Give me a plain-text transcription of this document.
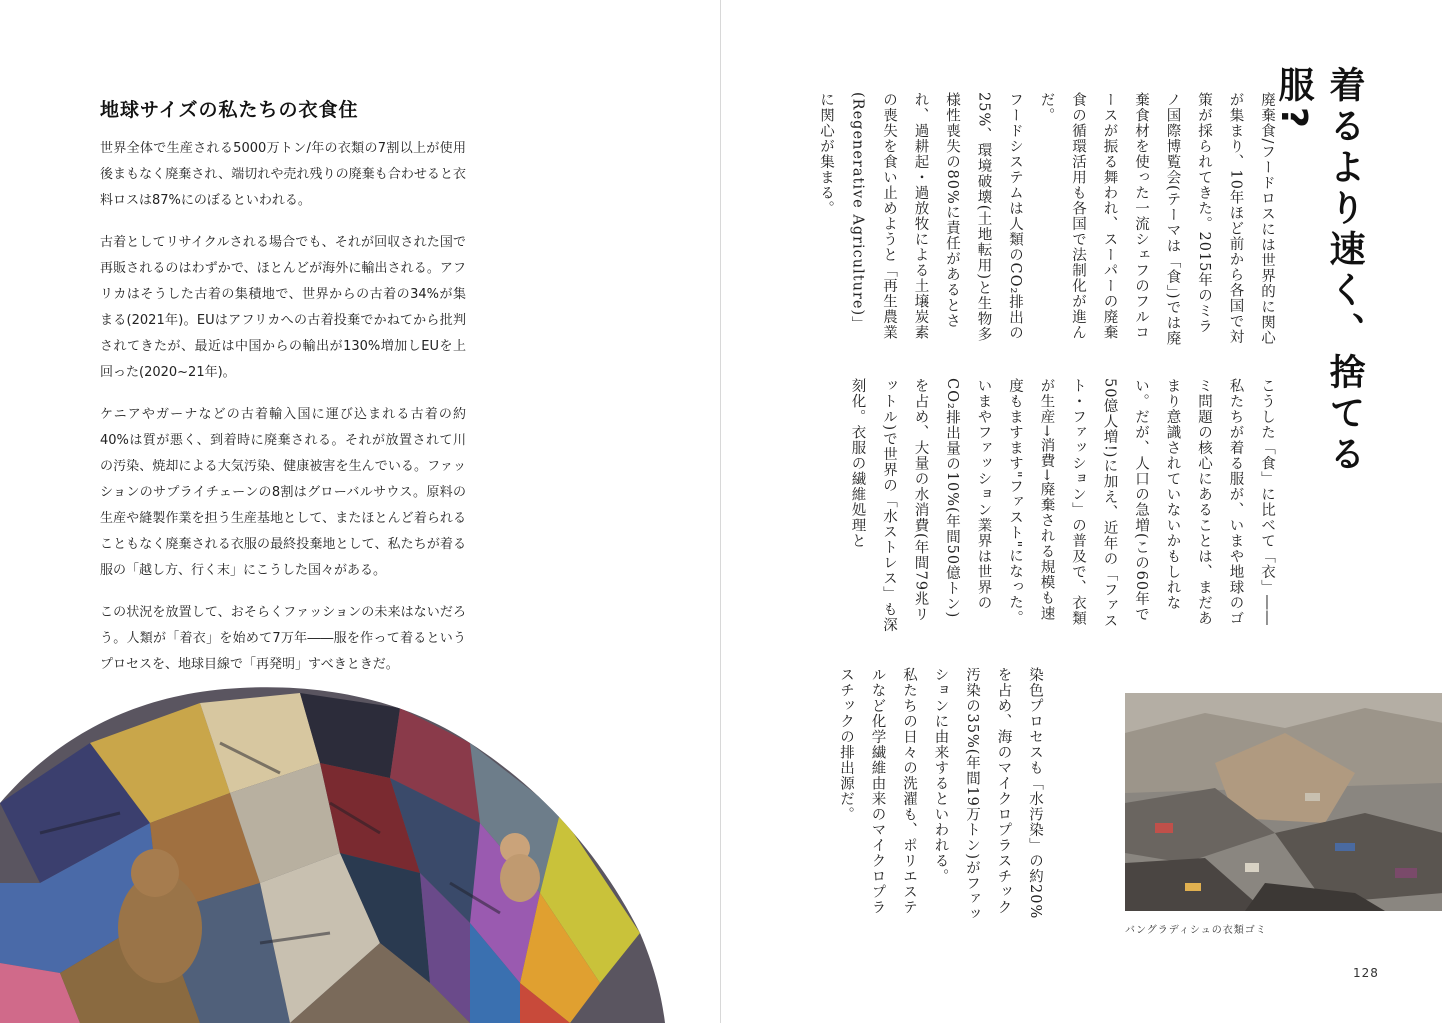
地球サイズの私たちの衣食住

世界全体で生産される5000万トン/年の衣類の7割以上が使用後まもなく廃棄され、端切れや売れ残りの廃棄も合わせると衣料ロスは87%にのぼるといわれる。

古着としてリサイクルされる場合でも、それが回収された国で再販されるのはわずかで、ほとんどが海外に輸出される。アフリカはそうした古着の集積地で、世界からの古着の34%が集まる(2021年)。EUはアフリカへの古着投棄でかねてから批判されてきたが、最近は中国からの輸出が130%増加しEUを上回った(2020~21年)。

ケニアやガーナなどの古着輸入国に運び込まれる古着の約40%は質が悪く、到着時に廃棄される。それが放置されて川の汚染、焼却による大気汚染、健康被害を生んでいる。ファッションのサプライチェーンの8割はグローバルサウス。原料の生産や縫製作業を担う生産基地として、またほとんど着られることもなく廃棄される衣服の最終投棄地として、私たちが着る服の「越し方、行く末」にこうした国々がある。

この状況を放置して、おそらくファッションの未来はないだろう。人類が「着衣」を始めて7万年――服を作って着るというプロセスを、地球目線で「再発明」すべきときだ。

着るより速く、捨てる服?

廃棄食/フードロスには世界的に関心が集まり、10年ほど前から各国で対策が採られてきた。2015年のミラノ国際博覧会(テーマは「食」)では廃棄食材を使った一流シェフのフルコースが振る舞われ、スーパーの廃棄食の循環活用も各国で法制化が進んだ。

フードシステムは人類のCO₂排出の25%、環境破壊(土地転用)と生物多様性喪失の80%に責任があるとされ、過耕起・過放牧による土壌炭素の喪失を食い止めようと「再生農業(Regenerative Agriculture)」に関心が集まる。

こうした「食」に比べて「衣」――私たちが着る服が、いまや地球のゴミ問題の核心にあることは、まだあまり意識されていないかもしれない。だが、人口の急増(この60年で50億人増!)に加え、近年の「ファスト・ファッション」の普及で、衣類が生産→消費→廃棄される規模も速度もますます"ファスト"になった。

いまやファッション業界は世界のCO₂排出量の10%(年間50億トン)を占め、大量の水消費(年間79兆リットル)で世界の「水ストレス」も深刻化。衣服の繊維処理と

染色プロセスも「水汚染」の約20%を占め、海のマイクロプラスチック汚染の35%(年間19万トン)がファッションに由来するといわれる。

私たちの日々の洗濯も、ポリエステルなど化学繊維由来のマイクロプラスチックの排出源だ。

バングラディシュの衣類ゴミ

128
